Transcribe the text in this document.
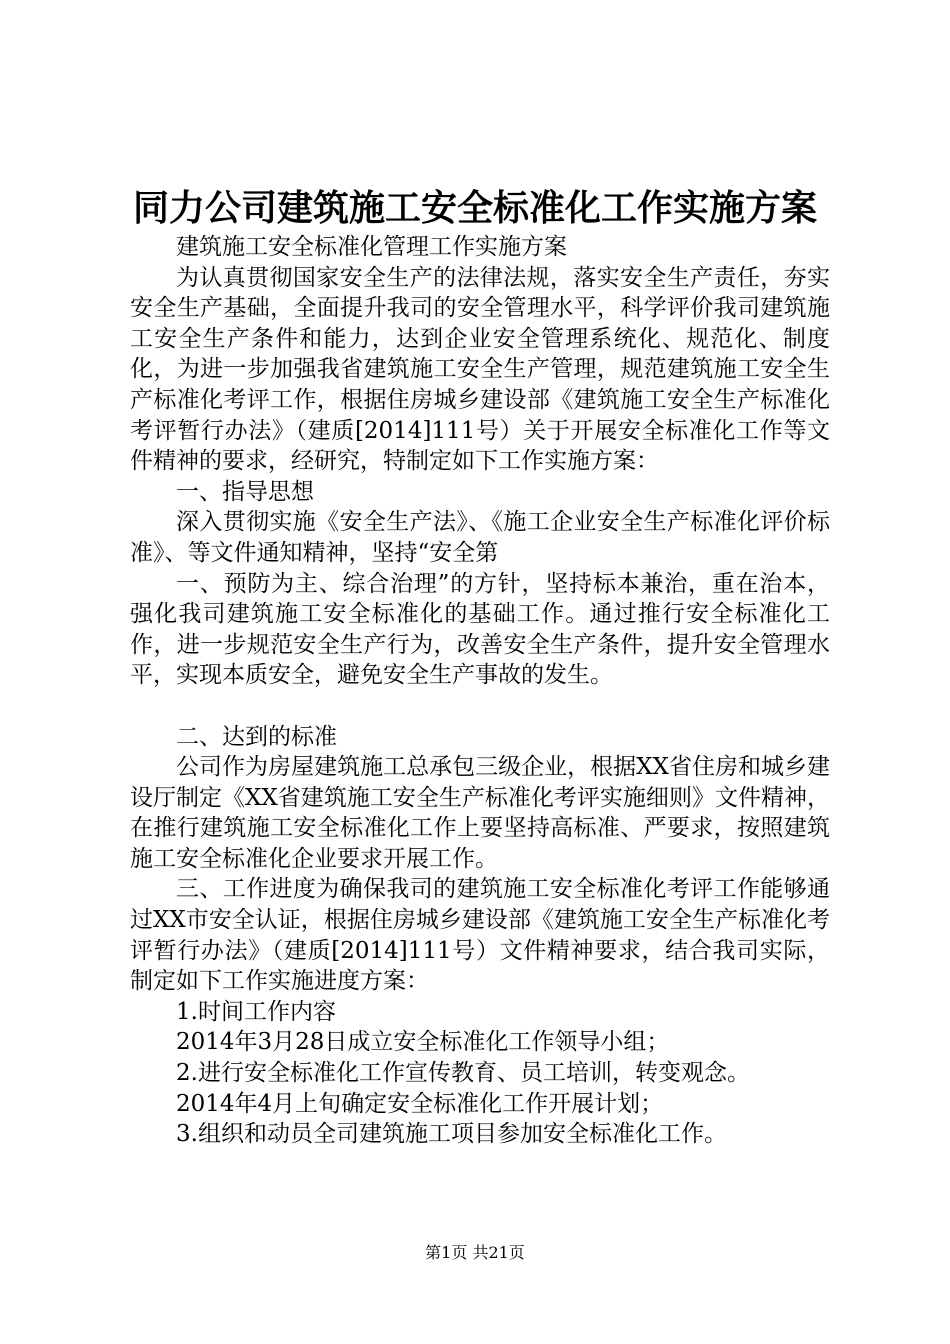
同力公司建筑施工安全标准化工作实施方案

建筑施工安全标准化管理工作实施方案

为认真贯彻国家安全生产的法律法规，落实安全生产责任，夯实安全生产基础，全面提升我司的安全管理水平，科学评价我司建筑施工安全生产条件和能力，达到企业安全管理系统化、规范化、制度化，为进一步加强我省建筑施工安全生产管理，规范建筑施工安全生产标准化考评工作，根据住房城乡建设部《建筑施工安全生产标准化考评暂行办法》（建质[2014]111号）关于开展安全标准化工作等文件精神的要求，经研究，特制定如下工作实施方案：

一、指导思想

深入贯彻实施《安全生产法》、《施工企业安全生产标准化评价标准》、等文件通知精神，坚持“安全第

一、预防为主、综合治理”的方针，坚持标本兼治，重在治本，强化我司建筑施工安全标准化的基础工作。通过推行安全标准化工作，进一步规范安全生产行为，改善安全生产条件，提升安全管理水平，实现本质安全，避免安全生产事故的发生。

二、达到的标准

公司作为房屋建筑施工总承包三级企业，根据XX省住房和城乡建设厅制定《XX省建筑施工安全生产标准化考评实施细则》文件精神，在推行建筑施工安全标准化工作上要坚持高标准、严要求，按照建筑施工安全标准化企业要求开展工作。

三、工作进度为确保我司的建筑施工安全标准化考评工作能够通过XX市安全认证，根据住房城乡建设部《建筑施工安全生产标准化考评暂行办法》（建质[2014]111号）文件精神要求，结合我司实际，制定如下工作实施进度方案：

1.时间工作内容

2014年3月28日成立安全标准化工作领导小组；

2.进行安全标准化工作宣传教育、员工培训，转变观念。

2014年4月上旬确定安全标准化工作开展计划；

3.组织和动员全司建筑施工项目参加安全标准化工作。

第1页 共21页
